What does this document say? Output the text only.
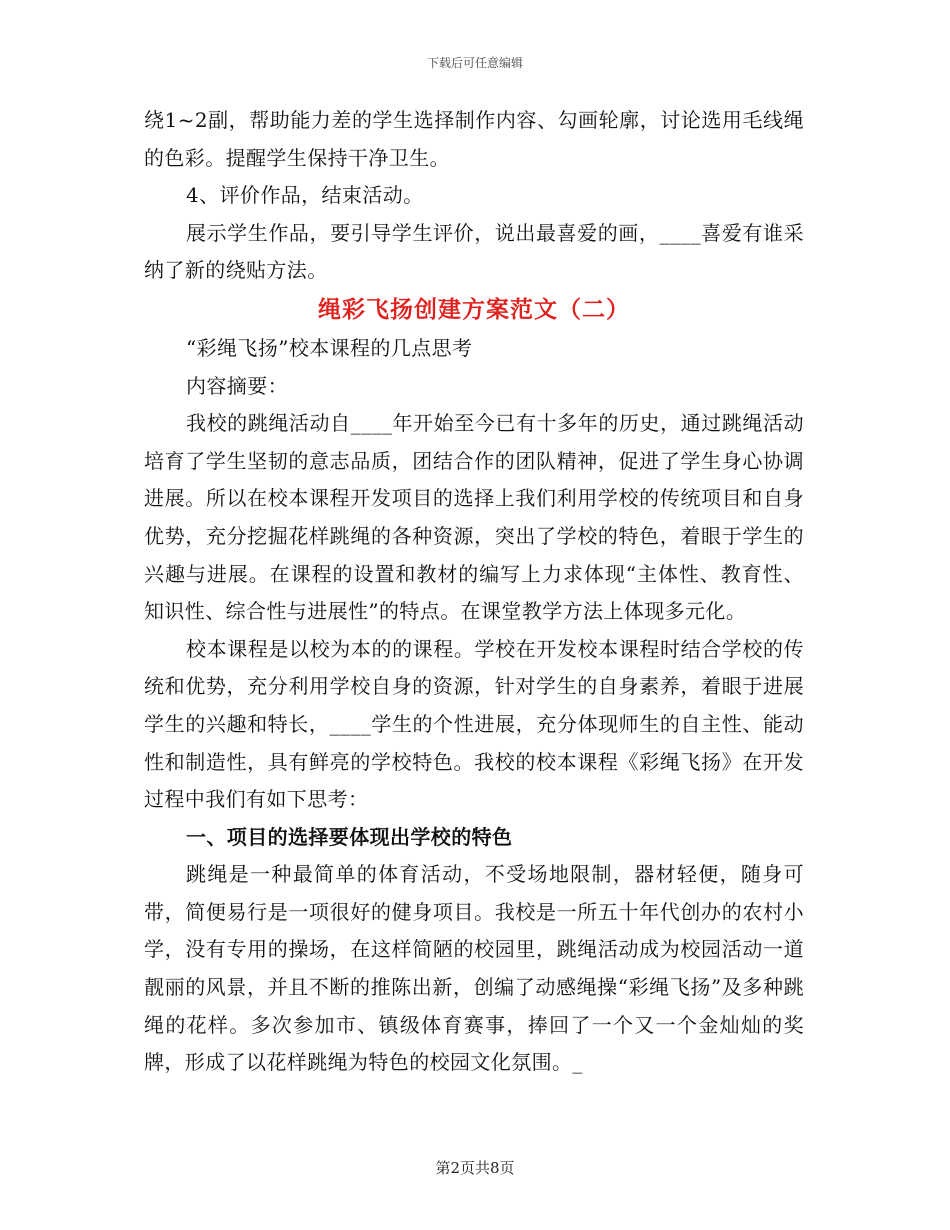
下载后可任意编辑

绕1~2副，帮助能力差的学生选择制作内容、勾画轮廓，讨论选用毛线绳的色彩。提醒学生保持干净卫生。

4、评价作品，结束活动。

展示学生作品，要引导学生评价，说出最喜爱的画，____喜爱有谁采纳了新的绕贴方法。

绳彩飞扬创建方案范文（二）

“彩绳飞扬”校本课程的几点思考

内容摘要：

我校的跳绳活动自____年开始至今已有十多年的历史，通过跳绳活动培育了学生坚韧的意志品质，团结合作的团队精神，促进了学生身心协调进展。所以在校本课程开发项目的选择上我们利用学校的传统项目和自身优势，充分挖掘花样跳绳的各种资源，突出了学校的特色，着眼于学生的兴趣与进展。在课程的设置和教材的编写上力求体现“主体性、教育性、知识性、综合性与进展性”的特点。在课堂教学方法上体现多元化。

校本课程是以校为本的的课程。学校在开发校本课程时结合学校的传统和优势，充分利用学校自身的资源，针对学生的自身素养，着眼于进展学生的兴趣和特长，____学生的个性进展，充分体现师生的自主性、能动性和制造性，具有鲜亮的学校特色。我校的校本课程《彩绳飞扬》在开发过程中我们有如下思考：

一、项目的选择要体现出学校的特色

跳绳是一种最简单的体育活动，不受场地限制，器材轻便，随身可带，简便易行是一项很好的健身项目。我校是一所五十年代创办的农村小学，没有专用的操场，在这样简陋的校园里，跳绳活动成为校园活动一道靓丽的风景，并且不断的推陈出新，创编了动感绳操“彩绳飞扬”及多种跳绳的花样。多次参加市、镇级体育赛事，捧回了一个又一个金灿灿的奖牌，形成了以花样跳绳为特色的校园文化氛围。_

第2页共8页
